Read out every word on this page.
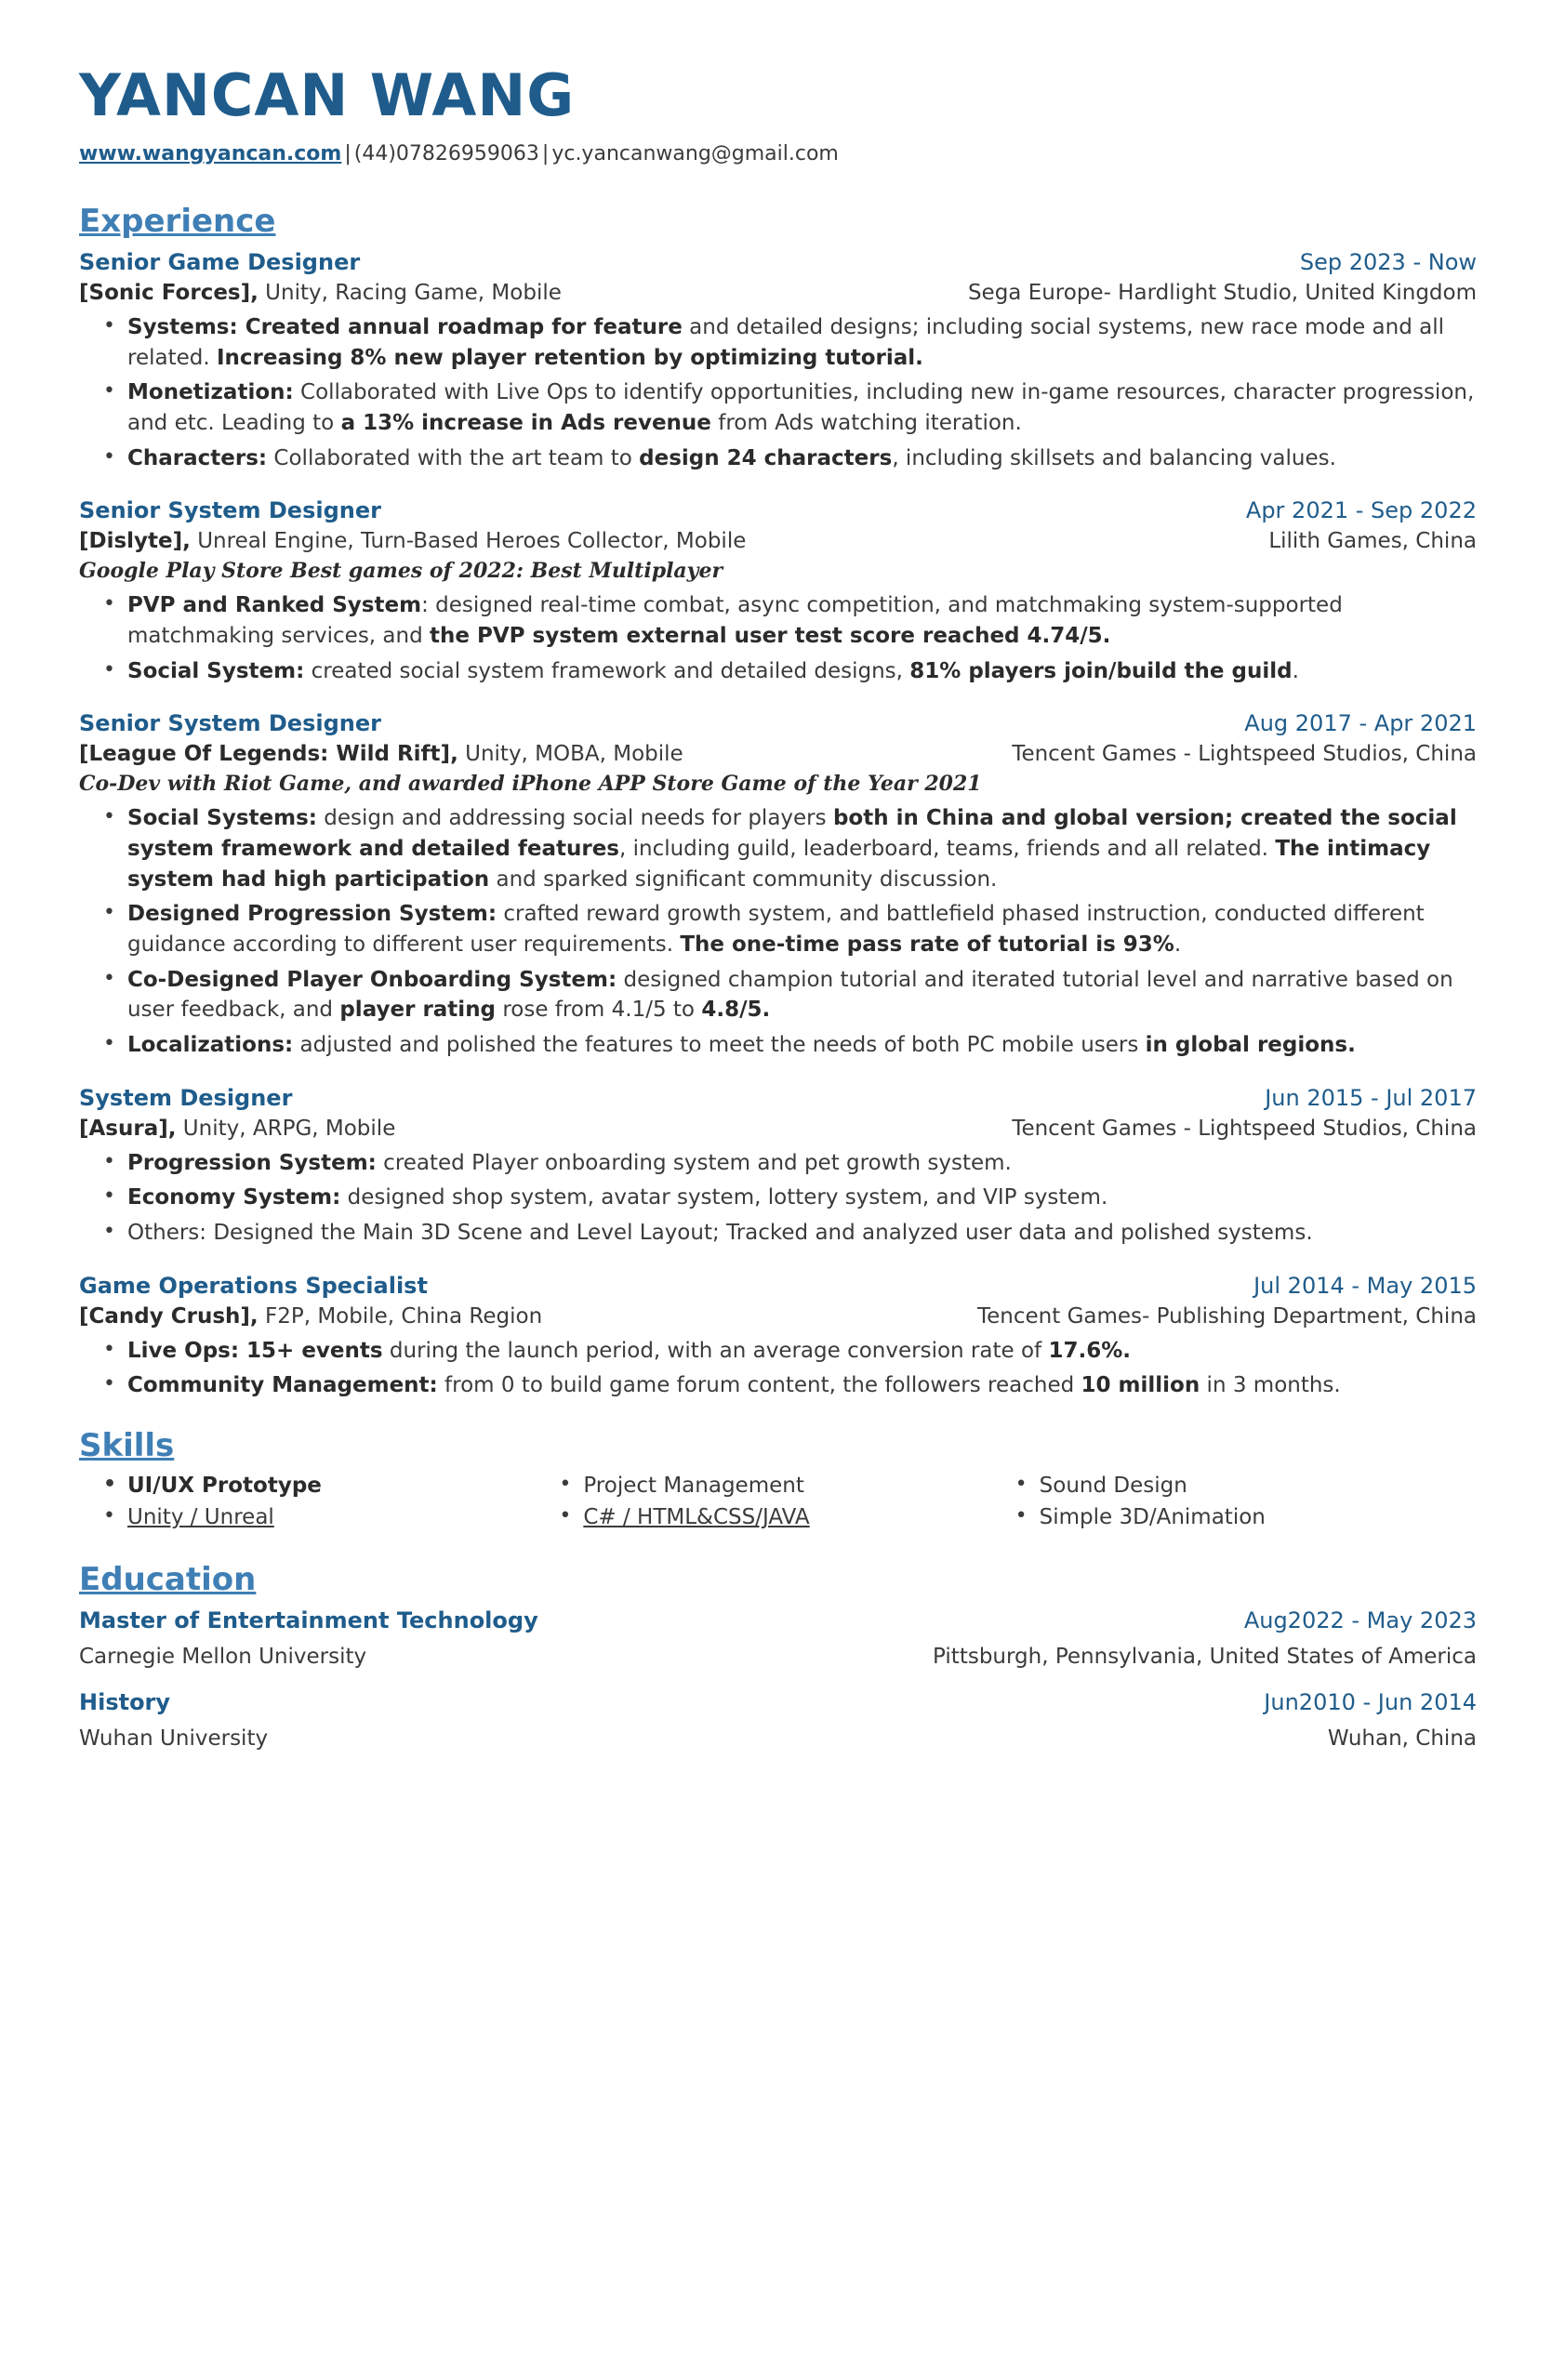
YANCAN WANG
www.wangyancan.com | (44)07826959063 | yc.yancanwang@gmail.com
Experience
Senior Game Designer	Sep 2023 - Now
[Sonic Forces], Unity, Racing Game, Mobile	Sega Europe- Hardlight Studio, United Kingdom
• Systems: Created annual roadmap for feature and detailed designs; including social systems, new race mode and all related. Increasing 8% new player retention by optimizing tutorial.
• Monetization: Collaborated with Live Ops to identify opportunities, including new in-game resources, character progression, and etc. Leading to a 13% increase in Ads revenue from Ads watching iteration.
• Characters: Collaborated with the art team to design 24 characters, including skillsets and balancing values.
Senior System Designer	Apr 2021 - Sep 2022
[Dislyte], Unreal Engine, Turn-Based Heroes Collector, Mobile	Lilith Games, China
Google Play Store Best games of 2022: Best Multiplayer
• PVP and Ranked System: designed real-time combat, async competition, and matchmaking system-supported matchmaking services, and the PVP system external user test score reached 4.74/5.
• Social System: created social system framework and detailed designs, 81% players join/build the guild.
Senior System Designer	Aug 2017 - Apr 2021
[League Of Legends: Wild Rift], Unity, MOBA, Mobile	Tencent Games - Lightspeed Studios, China
Co-Dev with Riot Game, and awarded iPhone APP Store Game of the Year 2021
• Social Systems: design and addressing social needs for players both in China and global version; created the social system framework and detailed features, including guild, leaderboard, teams, friends and all related. The intimacy system had high participation and sparked significant community discussion.
• Designed Progression System: crafted reward growth system, and battlefield phased instruction, conducted different guidance according to different user requirements. The one-time pass rate of tutorial is 93%.
• Co-Designed Player Onboarding System: designed champion tutorial and iterated tutorial level and narrative based on user feedback, and player rating rose from 4.1/5 to 4.8/5.
• Localizations: adjusted and polished the features to meet the needs of both PC mobile users in global regions.
System Designer	Jun 2015 - Jul 2017
[Asura], Unity, ARPG, Mobile	Tencent Games - Lightspeed Studios, China
• Progression System: created Player onboarding system and pet growth system.
• Economy System: designed shop system, avatar system, lottery system, and VIP system.
• Others: Designed the Main 3D Scene and Level Layout; Tracked and analyzed user data and polished systems.
Game Operations Specialist	Jul 2014 - May 2015
[Candy Crush], F2P, Mobile, China Region	Tencent Games- Publishing Department, China
• Live Ops: 15+ events during the launch period, with an average conversion rate of 17.6%.
• Community Management: from 0 to build game forum content, the followers reached 10 million in 3 months.
Skills
• UI/UX Prototype	• Project Management	• Sound Design
• Unity / Unreal	• C# / HTML&CSS/JAVA	• Simple 3D/Animation
Education
Master of Entertainment Technology	Aug2022 - May 2023
Carnegie Mellon University	Pittsburgh, Pennsylvania, United States of America
History	Jun2010 - Jun 2014
Wuhan University	Wuhan, China
